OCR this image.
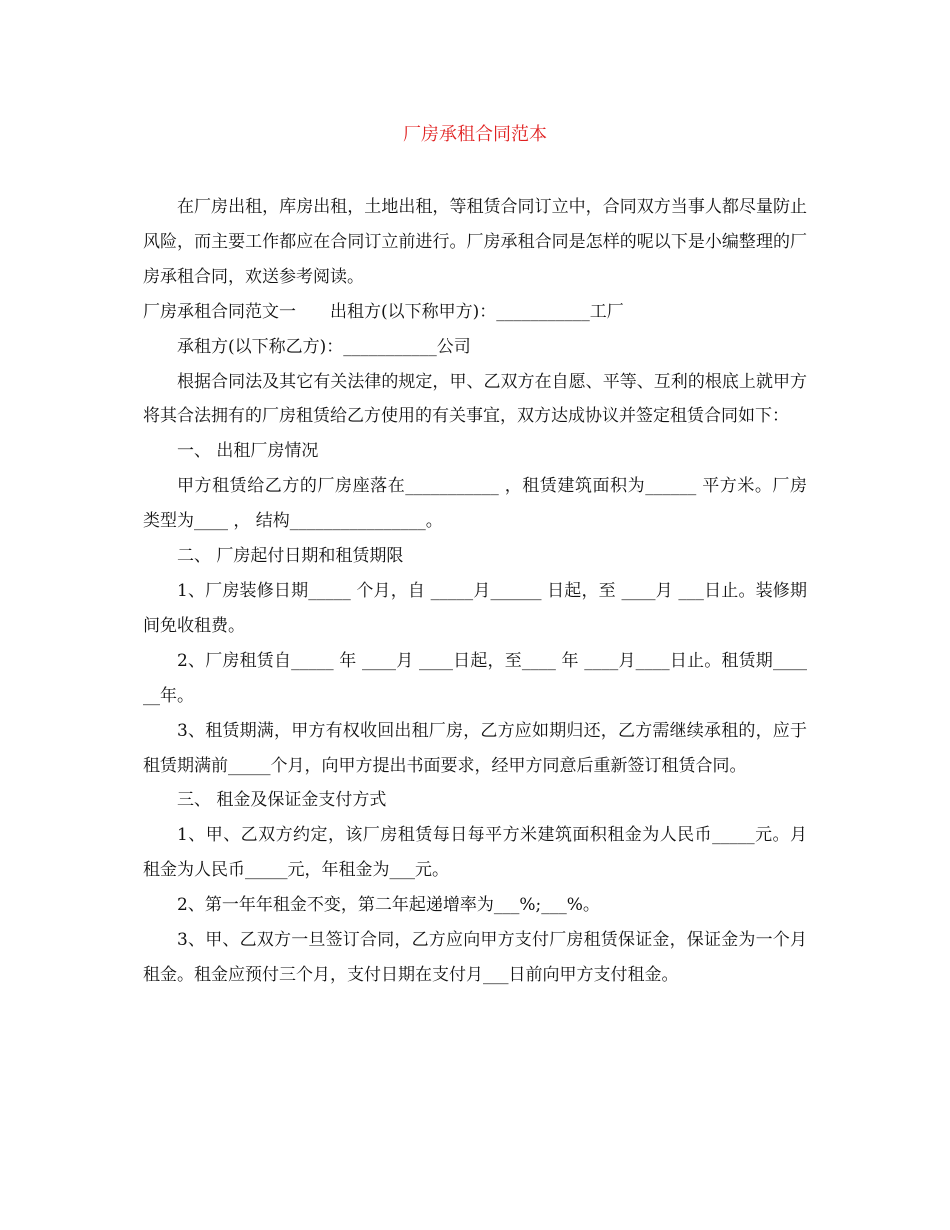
厂房承租合同范本

在厂房出租，库房出租，土地出租，等租赁合同订立中，合同双方当事人都尽量防止风险，而主要工作都应在合同订立前进行。厂房承租合同是怎样的呢以下是小编整理的厂房承租合同，欢送参考阅读。

厂房承租合同范文一　　出租方(以下称甲方)：___________工厂

承租方(以下称乙方)：___________公司

根据合同法及其它有关法律的规定，甲、乙双方在自愿、平等、互利的根底上就甲方将其合法拥有的厂房租赁给乙方使用的有关事宜，双方达成协议并签定租赁合同如下：

一、 出租厂房情况

甲方租赁给乙方的厂房座落在___________ ，租赁建筑面积为______ 平方米。厂房类型为____ ， 结构________________。

二、 厂房起付日期和租赁期限

1、厂房装修日期_____ 个月，自 _____月______ 日起，至 ____月 ___日止。装修期间免收租费。

2、厂房租赁自_____ 年 ____月 ____日起，至____ 年 ____月____日止。租赁期______年。

3、租赁期满，甲方有权收回出租厂房，乙方应如期归还，乙方需继续承租的，应于租赁期满前_____个月，向甲方提出书面要求，经甲方同意后重新签订租赁合同。

三、 租金及保证金支付方式

1、甲、乙双方约定，该厂房租赁每日每平方米建筑面积租金为人民币_____元。月租金为人民币_____元，年租金为___元。

2、第一年年租金不变，第二年起递增率为___%;___%。

3、甲、乙双方一旦签订合同，乙方应向甲方支付厂房租赁保证金，保证金为一个月租金。租金应预付三个月，支付日期在支付月___日前向甲方支付租金。
